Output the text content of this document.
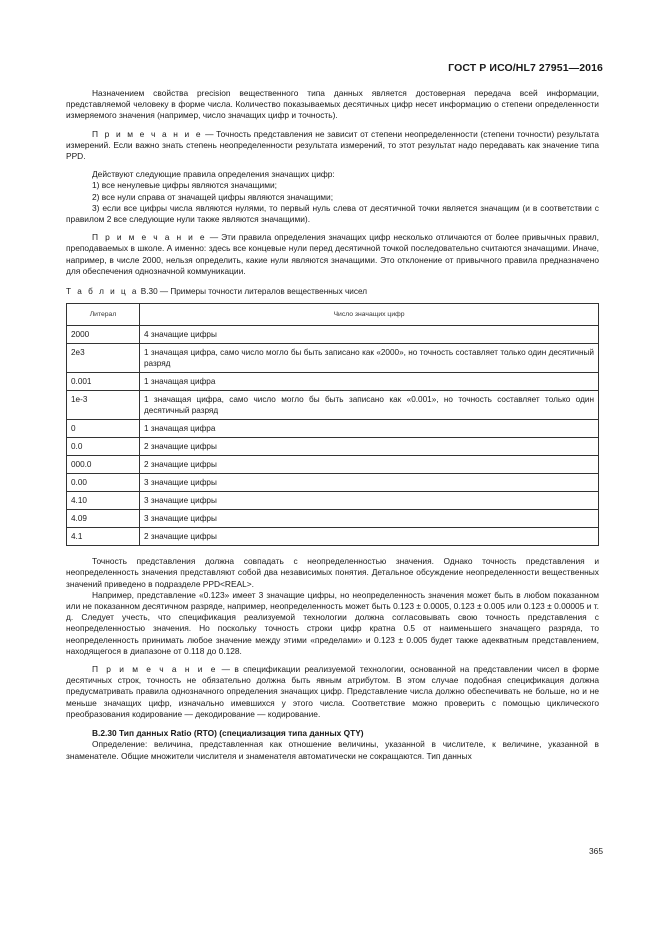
ГОСТ Р ИСО/HL7 27951—2016

Назначением свойства precision вещественного типа данных является достоверная передача всей информации, представляемой человеку в форме числа. Количество показываемых десятичных цифр несет информацию о степени определенности измеряемого значения (например, число значащих цифр и точность).

П р и м е ч а н и е — Точность представления не зависит от степени неопределенности (степени точности) результата измерений. Если важно знать степень неопределенности результата измерений, то этот результат надо передавать как значение типа PPD.

Действуют следующие правила определения значащих цифр:

1) все ненулевые цифры являются значащими;

2) все нули справа от значащей цифры являются значащими;

3) если все цифры числа являются нулями, то первый нуль слева от десятичной точки является значащим (и в соответствии с правилом 2 все следующие нули также являются значащими).

П р и м е ч а н и е — Эти правила определения значащих цифр несколько отличаются от более привычных правил, преподаваемых в школе. А именно: здесь все концевые нули перед десятичной точкой последовательно считаются значащими. Иначе, например, в числе 2000, нельзя определить, какие нули являются значащими. Это отклонение от привычного правила предназначено для обеспечения однозначной коммуникации.

Т а б л и ц а В.30 — Примеры точности литералов вещественных чисел

Литерал	Число значащих цифр
2000	4 значащие цифры
2e3	1 значащая цифра, само число могло бы быть записано как «2000», но точность составляет только один десятичный разряд
0.001	1 значащая цифра
1e-3	1 значащая цифра, само число могло бы быть записано как «0.001», но точность составляет только один десятичный разряд
0	1 значащая цифра
0.0	2 значащие цифры
000.0	2 значащие цифры
0.00	3 значащие цифры
4.10	3 значащие цифры
4.09	3 значащие цифры
4.1	2 значащие цифры

Точность представления должна совпадать с неопределенностью значения. Однако точность представления и неопределенность значения представляют собой два независимых понятия. Детальное обсуждение неопределенности вещественных значений приведено в подразделе PPD<REAL>.

Например, представление «0.123» имеет 3 значащие цифры, но неопределенность значения может быть в любом показанном или не показанном десятичном разряде, например, неопределенность может быть 0.123 ± 0.0005, 0.123 ± 0.005 или 0.123 ± 0.00005 и т. д. Следует учесть, что спецификация реализуемой технологии должна согласовывать свою точность представления с неопределенностью значения. Но поскольку точность строки цифр кратна 0.5 от наименьшего значащего разряда, то неопределенность принимать любое значение между этими «пределами» и 0.123 ± 0.005 будет также адекватным представлением, находящегося в диапазоне от 0.118 до 0.128.

П р и м е ч а н и е — в спецификации реализуемой технологии, основанной на представлении чисел в форме десятичных строк, точность не обязательно должна быть явным атрибутом. В этом случае подобная спецификация должна предусматривать правила однозначного определения значащих цифр. Представление числа должно обеспечивать не больше, но и не меньше значащих цифр, изначально имевшихся у этого числа. Соответствие можно проверить с помощью циклического преобразования кодирование — декодирование — кодирование.

В.2.30 Тип данных Ratio (RTO) (специализация типа данных QTY)

Определение: величина, представленная как отношение величины, указанной в числителе, к величине, указанной в знаменателе. Общие множители числителя и знаменателя автоматически не сокращаются. Тип данных

365
